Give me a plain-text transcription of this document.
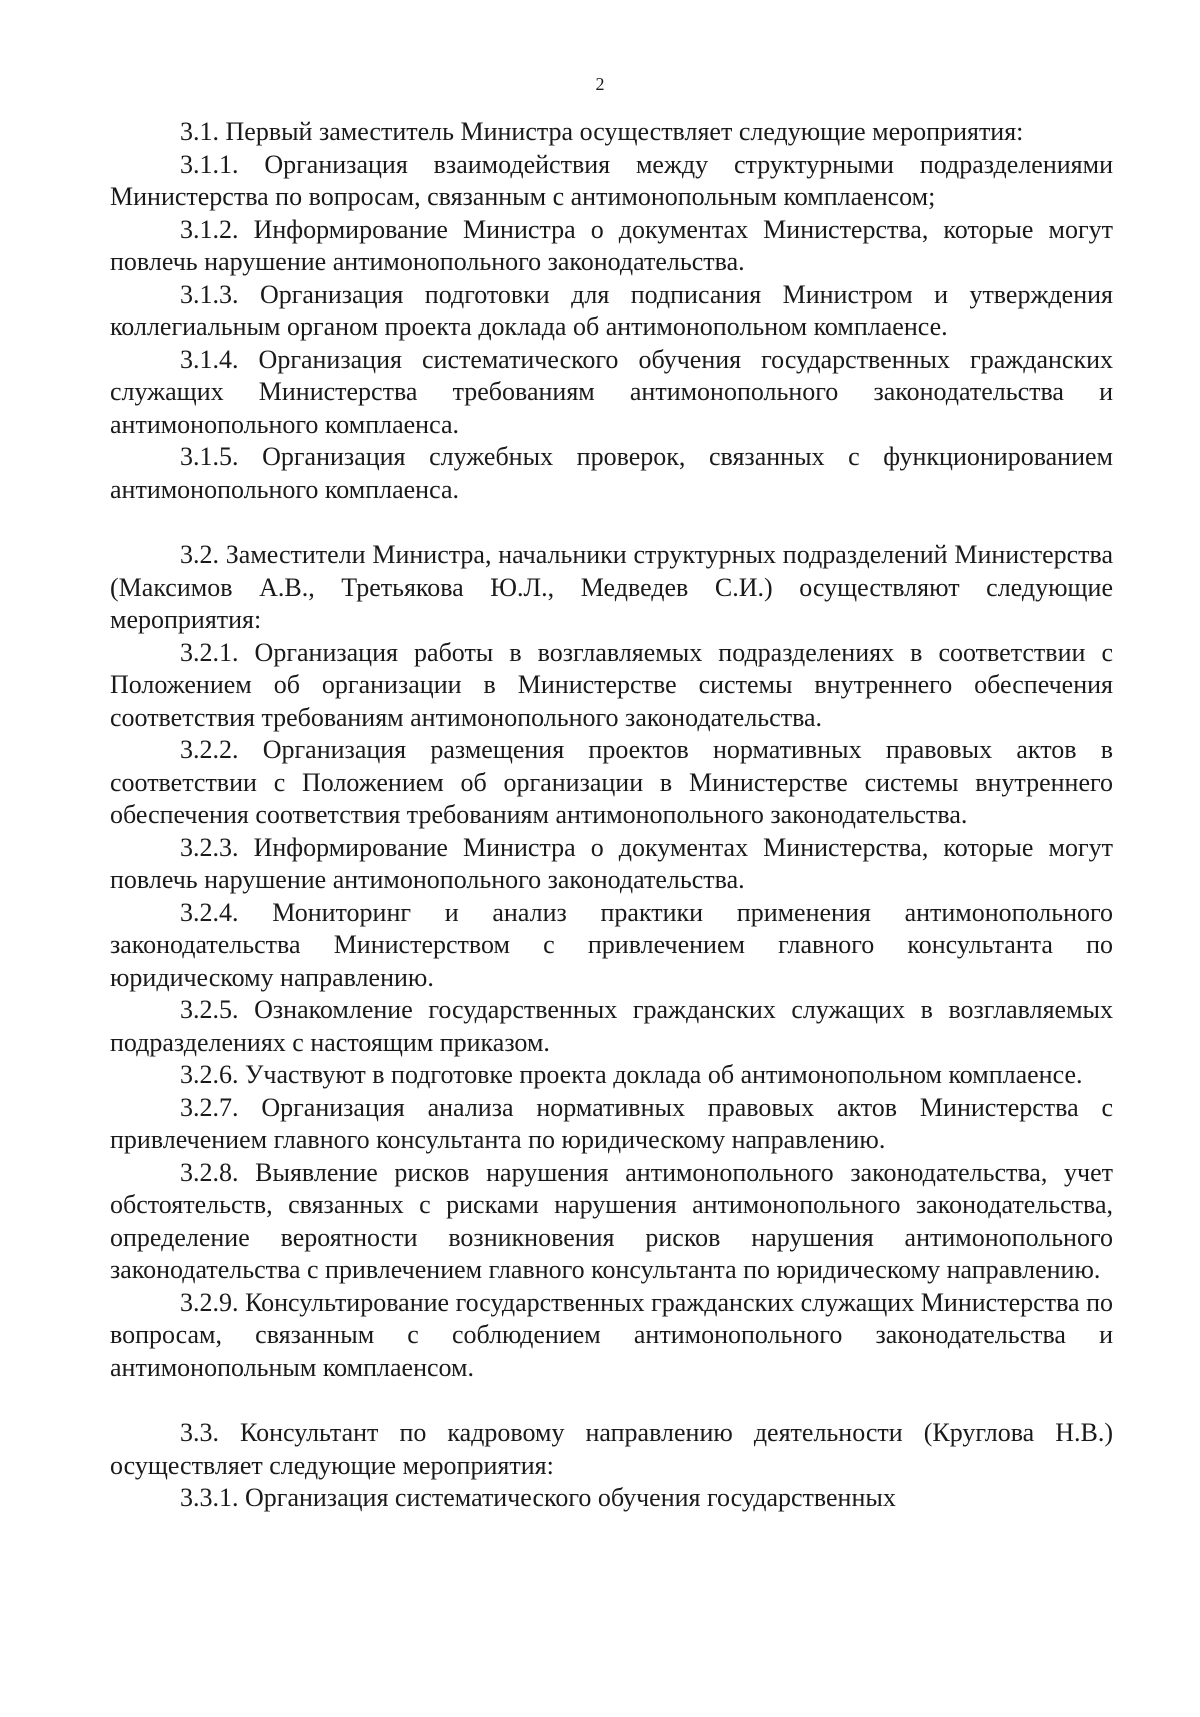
2

3.1. Первый заместитель Министра осуществляет следующие мероприятия:

3.1.1. Организация взаимодействия между структурными подразделениями Министерства по вопросам, связанным с антимонопольным комплаенсом;

3.1.2. Информирование Министра о документах Министерства, которые могут повлечь нарушение антимонопольного законодательства.

3.1.3. Организация подготовки для подписания Министром и утверждения коллегиальным органом проекта доклада об антимонопольном комплаенсе.

3.1.4. Организация систематического обучения государственных гражданских служащих Министерства требованиям антимонопольного законодательства и антимонопольного комплаенса.

3.1.5. Организация служебных проверок, связанных с функционированием антимонопольного комплаенса.

3.2. Заместители Министра, начальники структурных подразделений Министерства (Максимов А.В., Третьякова Ю.Л., Медведев С.И.) осуществляют следующие мероприятия:

3.2.1. Организация работы в возглавляемых подразделениях в соответствии с Положением об организации в Министерстве системы внутреннего обеспечения соответствия требованиям антимонопольного законодательства.

3.2.2. Организация размещения проектов нормативных правовых актов в соответствии с Положением об организации в Министерстве системы внутреннего обеспечения соответствия требованиям антимонопольного законодательства.

3.2.3. Информирование Министра о документах Министерства, которые могут повлечь нарушение антимонопольного законодательства.

3.2.4. Мониторинг и анализ практики применения антимонопольного законодательства Министерством с привлечением главного консультанта по юридическому направлению.

3.2.5. Ознакомление государственных гражданских служащих в возглавляемых подразделениях с настоящим приказом.

3.2.6. Участвуют в подготовке проекта доклада об антимонопольном комплаенсе.

3.2.7. Организация анализа нормативных правовых актов Министерства с привлечением главного консультанта по юридическому направлению.

3.2.8. Выявление рисков нарушения антимонопольного законодательства, учет обстоятельств, связанных с рисками нарушения антимонопольного законодательства, определение вероятности возникновения рисков нарушения антимонопольного законодательства с привлечением главного консультанта по юридическому направлению.

3.2.9. Консультирование государственных гражданских служащих Министерства по вопросам, связанным с соблюдением антимонопольного законодательства и антимонопольным комплаенсом.

3.3. Консультант по кадровому направлению деятельности (Круглова Н.В.) осуществляет следующие мероприятия:

3.3.1. Организация систематического обучения государственных
